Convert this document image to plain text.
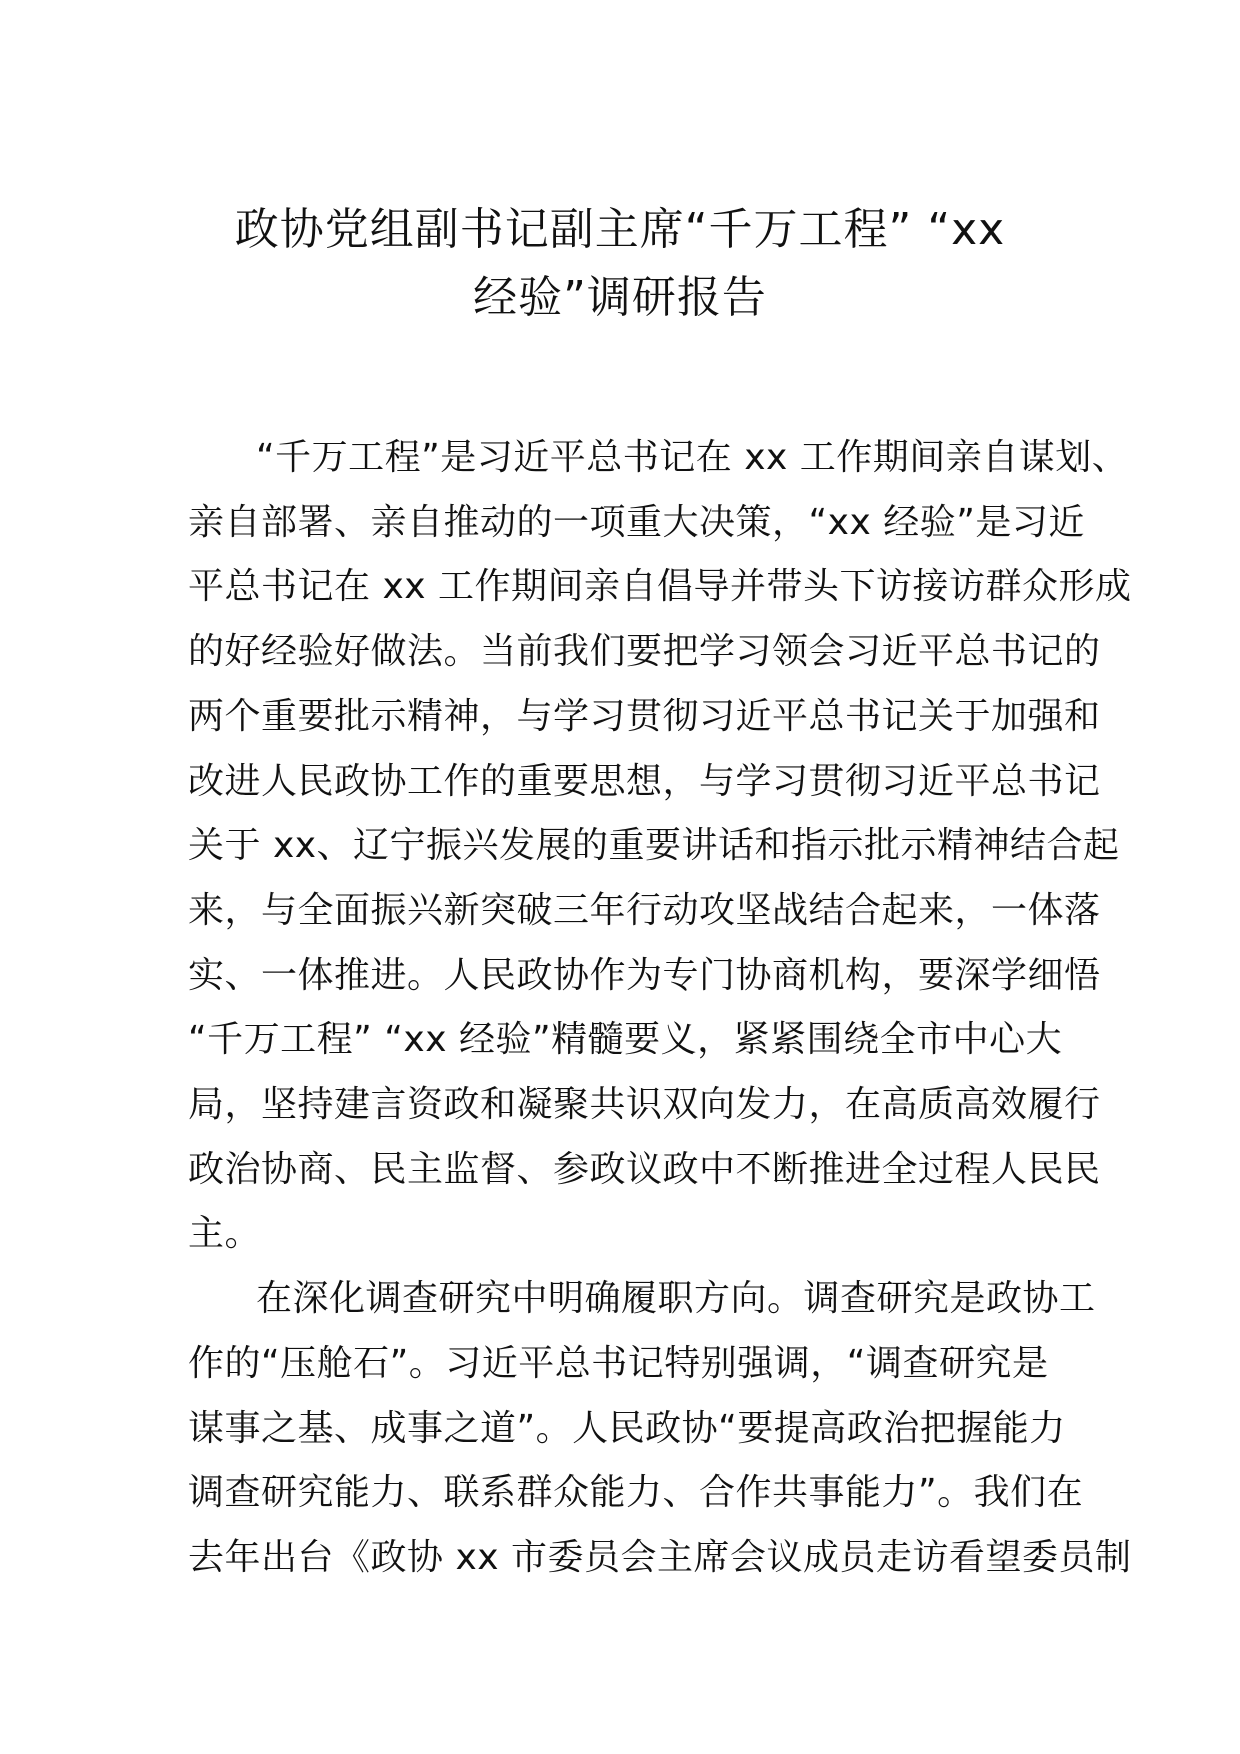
政协党组副书记副主席“千万工程” “xx
经验”调研报告

“千万工程”是习近平总书记在 xx 工作期间亲自谋划、
亲自部署、亲自推动的一项重大决策，“xx 经验”是习近
平总书记在 xx 工作期间亲自倡导并带头下访接访群众形成
的好经验好做法。当前我们要把学习领会习近平总书记的
两个重要批示精神，与学习贯彻习近平总书记关于加强和
改进人民政协工作的重要思想，与学习贯彻习近平总书记
关于 xx、辽宁振兴发展的重要讲话和指示批示精神结合起
来，与全面振兴新突破三年行动攻坚战结合起来，一体落
实、一体推进。人民政协作为专门协商机构，要深学细悟
“千万工程” “xx 经验”精髓要义，紧紧围绕全市中心大
局，坚持建言资政和凝聚共识双向发力，在高质高效履行
政治协商、民主监督、参政议政中不断推进全过程人民民
主。

在深化调查研究中明确履职方向。调查研究是政协工
作的“压舱石”。习近平总书记特别强调，“调查研究是
谋事之基、成事之道”。人民政协“要提高政治把握能力
调查研究能力、联系群众能力、合作共事能力”。我们在
去年出台《政协 xx 市委员会主席会议成员走访看望委员制
